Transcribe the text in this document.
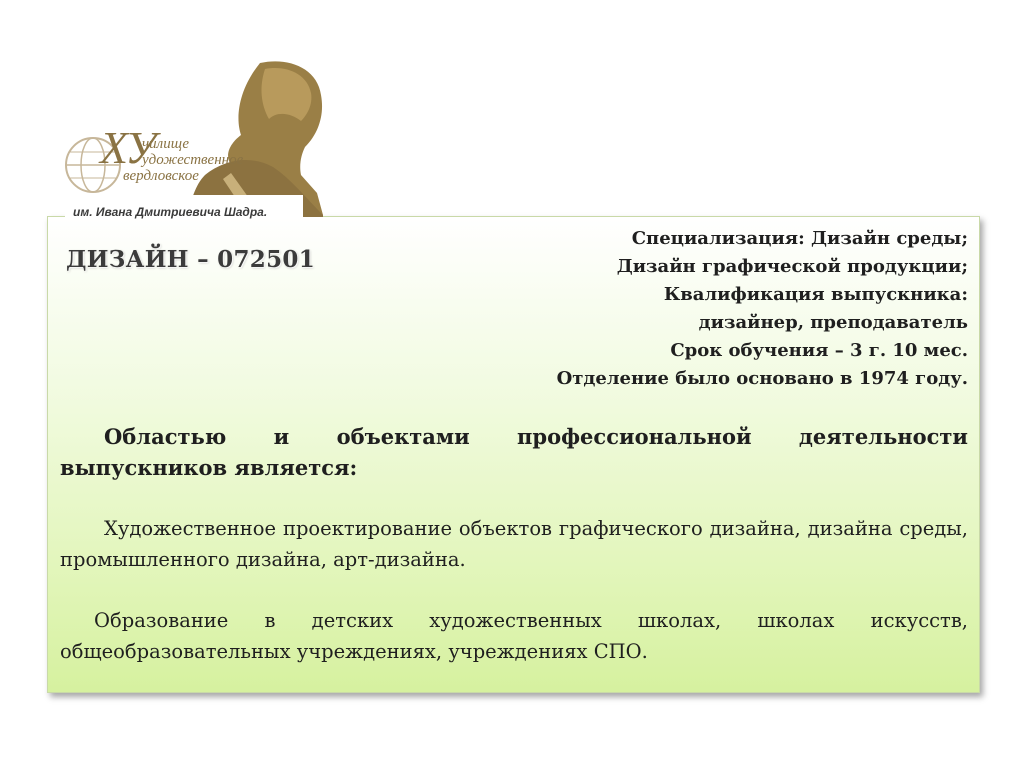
ХУ
чилище
удожественное
вердловское
им. Ивана Дмитриевича Шадра.
ДИЗАЙН – 072501
Специализация: Дизайн среды;
Дизайн графической продукции;
Квалификация выпускника:
дизайнер, преподаватель
Срок обучения – 3 г. 10 мес.
Отделение было основано в 1974 году.
Областью и объектами профессиональной деятельности выпускников является:
Художественное проектирование объектов графического дизайна, дизайна среды, промышленного дизайна, арт-дизайна.
Образование в детских художественных школах, школах искусств, общеобразовательных учреждениях, учреждениях СПО.
